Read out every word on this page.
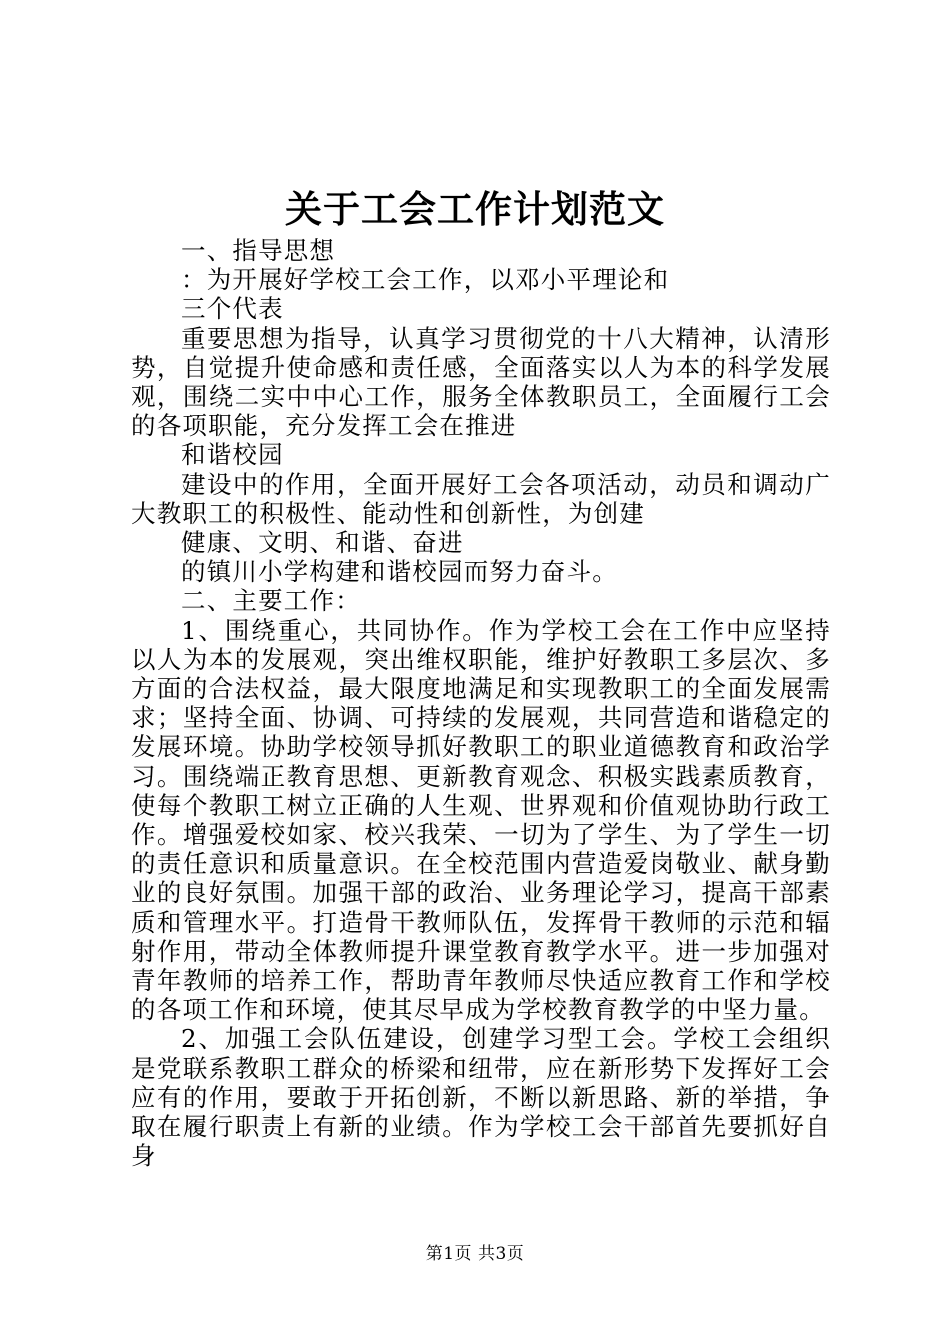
关于工会工作计划范文

一、指导思想

：为开展好学校工会工作，以邓小平理论和

三个代表

重要思想为指导，认真学习贯彻党的十八大精神，认清形势，自觉提升使命感和责任感，全面落实以人为本的科学发展观，围绕二实中中心工作，服务全体教职员工，全面履行工会的各项职能，充分发挥工会在推进

和谐校园

建设中的作用，全面开展好工会各项活动，动员和调动广大教职工的积极性、能动性和创新性，为创建

健康、文明、和谐、奋进

的镇川小学构建和谐校园而努力奋斗。

二、主要工作：

1、围绕重心，共同协作。作为学校工会在工作中应坚持以人为本的发展观，突出维权职能，维护好教职工多层次、多方面的合法权益，最大限度地满足和实现教职工的全面发展需求；坚持全面、协调、可持续的发展观，共同营造和谐稳定的发展环境。协助学校领导抓好教职工的职业道德教育和政治学习。围绕端正教育思想、更新教育观念、积极实践素质教育，使每个教职工树立正确的人生观、世界观和价值观协助行政工作。增强爱校如家、校兴我荣、一切为了学生、为了学生一切的责任意识和质量意识。在全校范围内营造爱岗敬业、献身勤业的良好氛围。加强干部的政治、业务理论学习，提高干部素质和管理水平。打造骨干教师队伍，发挥骨干教师的示范和辐射作用，带动全体教师提升课堂教育教学水平。进一步加强对青年教师的培养工作，帮助青年教师尽快适应教育工作和学校的各项工作和环境，使其尽早成为学校教育教学的中坚力量。

2、加强工会队伍建设，创建学习型工会。学校工会组织是党联系教职工群众的桥梁和纽带，应在新形势下发挥好工会应有的作用，要敢于开拓创新，不断以新思路、新的举措，争取在履行职责上有新的业绩。作为学校工会干部首先要抓好自身

第1页 共3页
